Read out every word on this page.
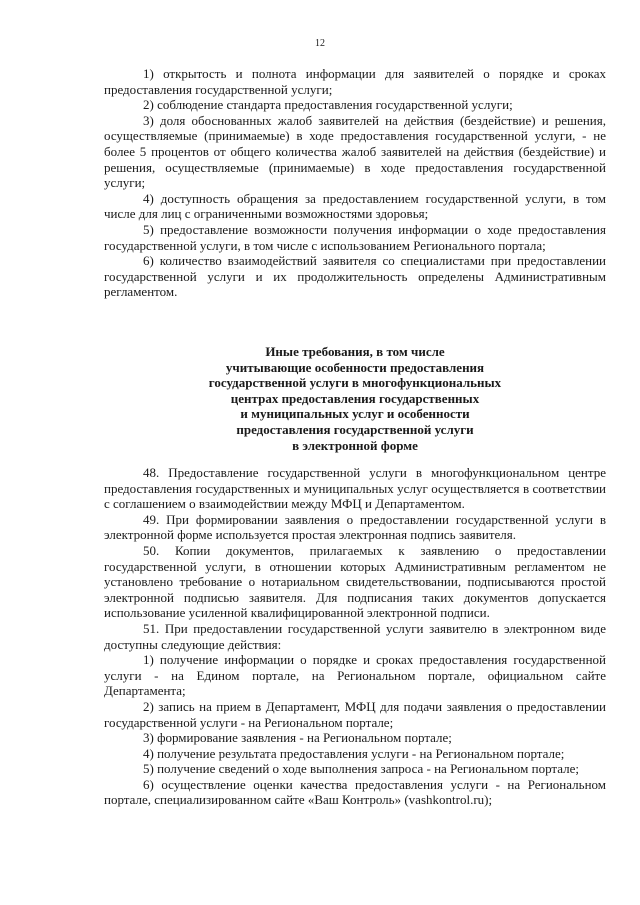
12

1) открытость и полнота информации для заявителей о порядке и сроках предоставления государственной услуги;

2) соблюдение стандарта предоставления государственной услуги;

3) доля обоснованных жалоб заявителей на действия (бездействие) и решения, осуществляемые (принимаемые) в ходе предоставления государственной услуги, - не более 5 процентов от общего количества жалоб заявителей на действия (бездействие) и решения, осуществляемые (принимаемые) в ходе предоставления государственной услуги;

4) доступность обращения за предоставлением государственной услуги, в том числе для лиц с ограниченными возможностями здоровья;

5) предоставление возможности получения информации о ходе предоставления государственной услуги, в том числе с использованием Регионального портала;

6) количество взаимодействий заявителя со специалистами при предоставлении государственной услуги и их продолжительность определены Административным регламентом.

Иные требования, в том числе
учитывающие особенности предоставления
государственной услуги в многофункциональных
центрах предоставления государственных
и муниципальных услуг и особенности
предоставления государственной услуги
в электронной форме

48. Предоставление государственной услуги в многофункциональном центре предоставления государственных и муниципальных услуг осуществляется в соответствии с соглашением о взаимодействии между МФЦ и Департаментом.

49. При формировании заявления о предоставлении государственной услуги в электронной форме используется простая электронная подпись заявителя.

50. Копии документов, прилагаемых к заявлению о предоставлении государственной услуги, в отношении которых Административным регламентом не установлено требование о нотариальном свидетельствовании, подписываются простой электронной подписью заявителя. Для подписания таких документов допускается использование усиленной квалифицированной электронной подписи.

51. При предоставлении государственной услуги заявителю в электронном виде доступны следующие действия:

1) получение информации о порядке и сроках предоставления государственной услуги - на Едином портале, на Региональном портале, официальном сайте Департамента;

2) запись на прием в Департамент, МФЦ для подачи заявления о предоставлении государственной услуги - на Региональном портале;

3) формирование заявления - на Региональном портале;

4) получение результата предоставления услуги - на Региональном портале;

5) получение сведений о ходе выполнения запроса - на Региональном портале;

6) осуществление оценки качества предоставления услуги - на Региональном портале, специализированном сайте «Ваш Контроль» (vashkontrol.ru);
